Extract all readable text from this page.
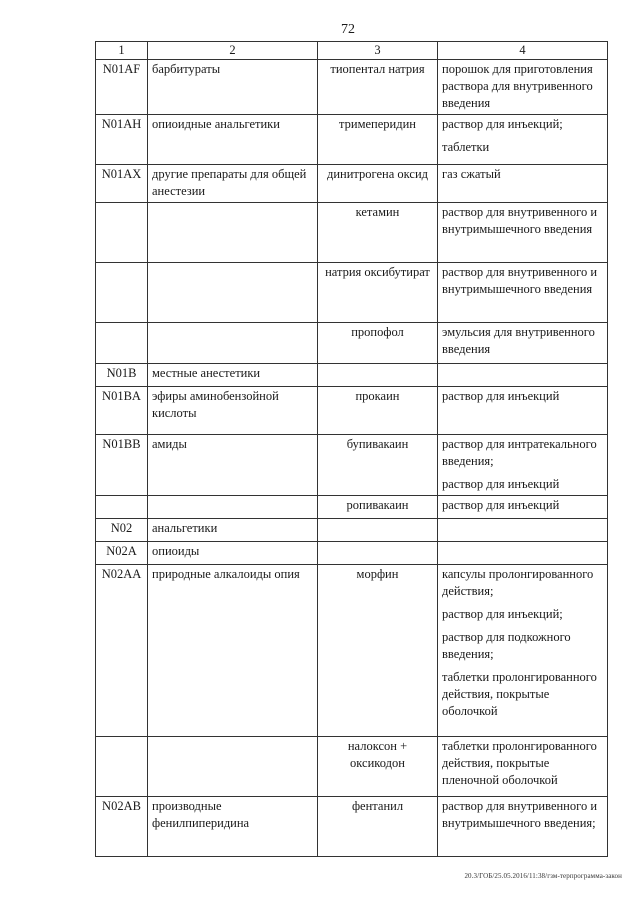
72
1	2	3	4
N01AF	барбитураты	тиопентал натрия	порошок для приготовления раствора для внутривенного введения

N01AH	опиоидные анальгетики	тримеперидин	раствор для инъекций;
таблетки

N01AX	другие препараты для общей анестезии	динитрогена оксид	газ сжатый

		кетамин	раствор для внутривенного и внутримышечного введения

		натрия оксибутират	раствор для внутривенного и внутримышечного введения

		пропофол	эмульсия для внутривенного введения

N01B	местные анестетики		
N01BA	эфиры аминобензойной кислоты	прокаин	раствор для инъекций

N01BB	амиды	бупивакаин	раствор для интратекального введения;
раствор для инъекций

		ропивакаин	раствор для инъекций

N02	анальгетики		
N02A	опиоиды		
N02AA	природные алкалоиды опия	морфин	капсулы пролонгированного действия;
раствор для инъекций;
раствор для подкожного введения;
таблетки пролонгированного действия, покрытые оболочкой

		налоксон + оксикодон	таблетки пролонгированного действия, покрытые пленочной оболочкой

N02AB	производные фенилпиперидина	фентанил	раствор для внутривенного и внутримышечного введения;
20.3/ГОБ/25.05.2016/11:38/гзм-терпрограмма-закон
